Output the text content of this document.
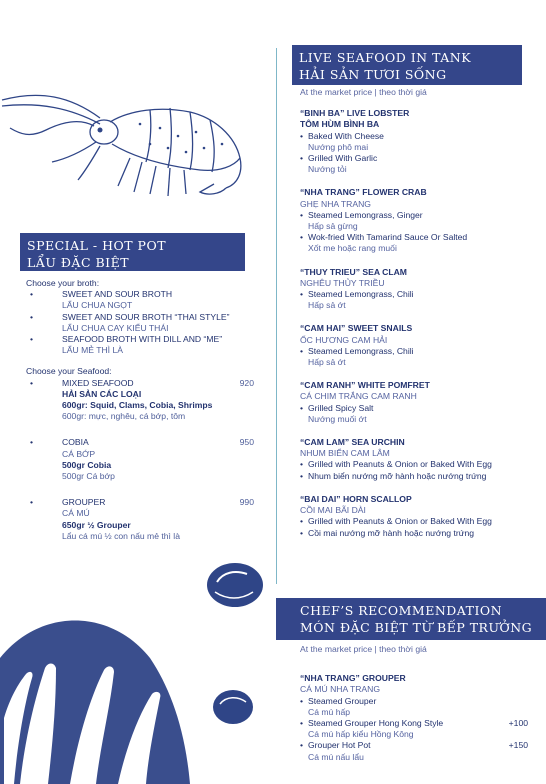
LIVE SEAFOOD IN TANK
HẢI SẢN TƯƠI SỐNG
At the market price | theo thời giá
“BINH BA” LIVE LOBSTER
TÔM HÙM BÌNH BA
• Baked With Cheese
Nướng phô mai
• Grilled With Garlic
Nướng tỏi
“NHA TRANG” FLOWER CRAB
GHẸ NHA TRANG
• Steamed Lemongrass, Ginger
Hấp sả gừng
• Wok-fried With Tamarind Sauce Or Salted
Xốt me hoặc rang muối
“THUY TRIEU” SEA CLAM
NGHÊU THỦY TRIỀU
• Steamed Lemongrass, Chili
Hấp sả ớt
“CAM HAI” SWEET SNAILS
ỐC HƯƠNG CAM HẢI
• Steamed Lemongrass, Chili
Hấp sả ớt
“CAM RANH” WHITE POMFRET
CÁ CHIM TRẮNG CAM RANH
• Grilled Spicy Salt
Nướng muối ớt
“CAM LAM” SEA URCHIN
NHUM BIỂN CAM LÂM
• Grilled with Peanuts & Onion or Baked With Egg
• Nhum biển nướng mỡ hành hoặc nướng trứng
“BAI DAI” HORN SCALLOP
CỒI MAI BÃI DÀI
• Grilled with Peanuts & Onion or Baked With Egg
• Cồi mai nướng mỡ hành hoặc nướng trứng
CHEF’S RECOMMENDATION
MÓN ĐẶC BIỆT TỪ BẾP TRƯỞNG
At the market price | theo thời giá
“NHA TRANG” GROUPER
CÁ MÚ NHA TRANG
• Steamed Grouper
Cá mú hấp
• Steamed Grouper Hong Kong Style	+100
Cá mú hấp kiểu Hồng Kông
• Grouper Hot Pot	+150
Cá mú nấu lẩu
SPECIAL - HOT POT
LẨU ĐẶC BIỆT
Choose your broth:
•	SWEET AND SOUR BROTH
LẨU CHUA NGỌT
•	SWEET AND SOUR BROTH “THAI STYLE”
LẨU CHUA CAY KIỂU THÁI
•	SEAFOOD BROTH WITH DILL AND “ME”
LẨU MẺ THÌ LÀ
Choose your Seafood:
•	MIXED SEAFOOD	920
HẢI SẢN CÁC LOẠI
600gr: Squid, Clams, Cobia, Shrimps
600gr: mực, nghêu, cá bớp, tôm
•	COBIA	950
CÁ BỚP
500gr Cobia
500gr Cá bớp
•	GROUPER	990
CÁ MÚ
650gr ½ Grouper
Lẩu cá mú ½ con nấu mẻ thì là
